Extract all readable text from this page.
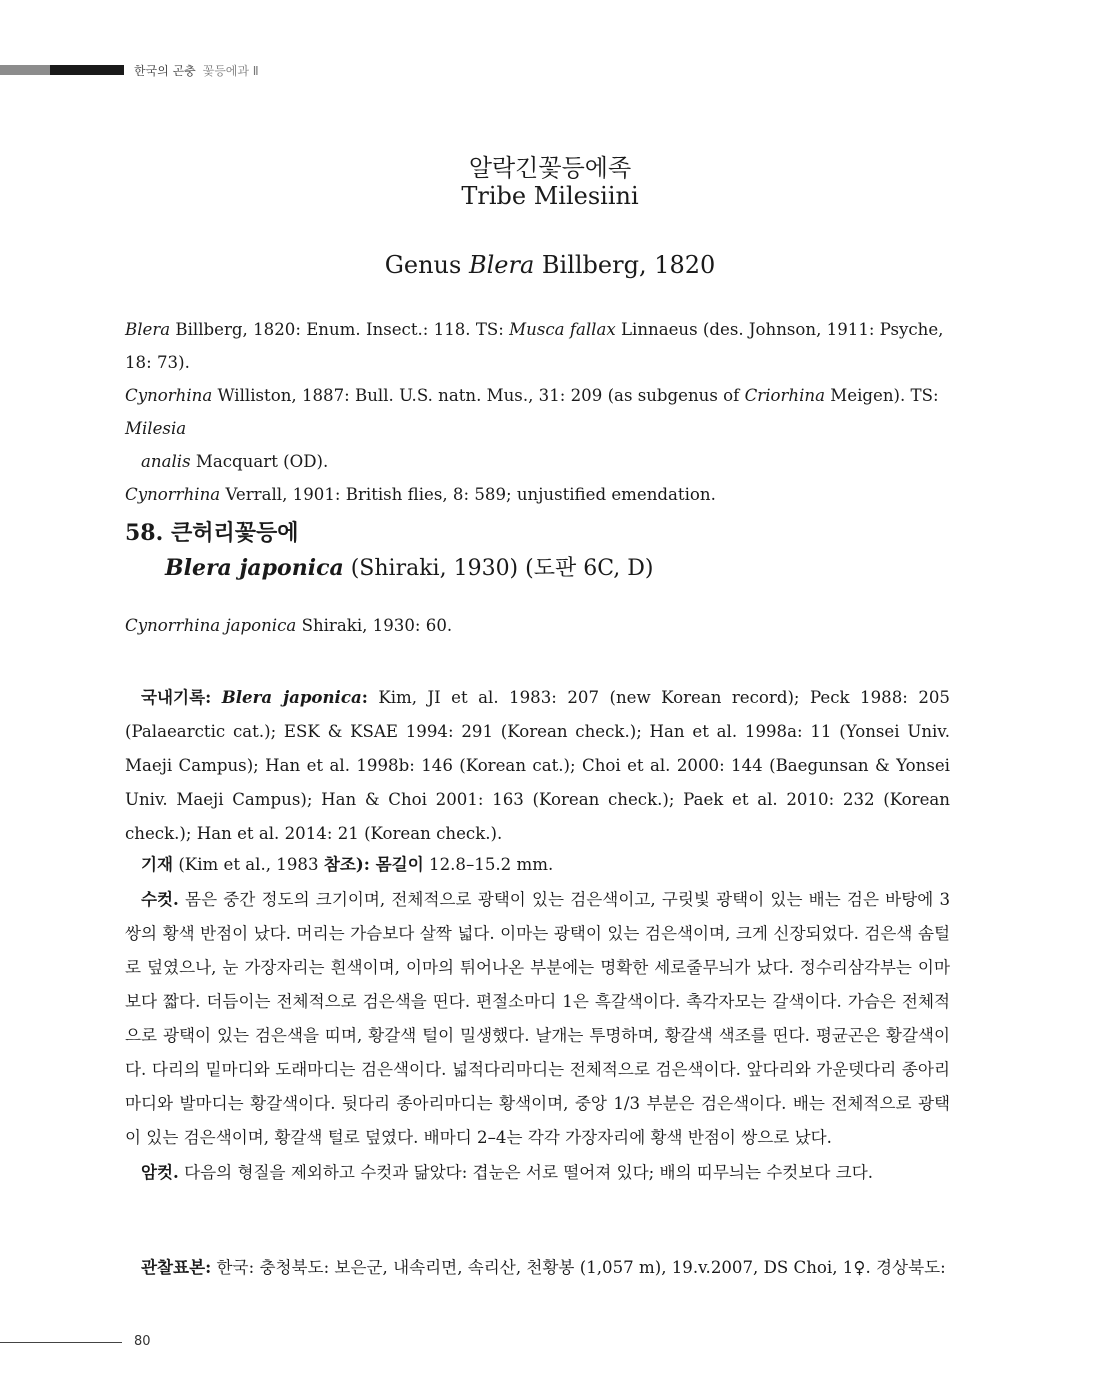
한국의 곤충 꽃등에과 Ⅱ
알락긴꽃등에족
Tribe Milesiini
Genus Blera Billberg, 1820

Blera Billberg, 1820: Enum. Insect.: 118. TS: Musca fallax Linnaeus (des. Johnson, 1911: Psyche, 18: 73).

Cynorhina Williston, 1887: Bull. U.S. natn. Mus., 31: 209 (as subgenus of Criorhina Meigen). TS: Milesia

analis Macquart (OD).

Cynorrhina Verrall, 1901: British flies, 8: 589; unjustified emendation.

58. 큰허리꽃등에
Blera japonica (Shiraki, 1930) (도판 6C, D)
Cynorrhina japonica Shiraki, 1930: 60.

국내기록: Blera japonica: Kim, JI et al. 1983: 207 (new Korean record); Peck 1988: 205 (Palaearctic cat.); ESK & KSAE 1994: 291 (Korean check.); Han et al. 1998a: 11 (Yonsei Univ. Maeji Campus); Han et al. 1998b: 146 (Korean cat.); Choi et al. 2000: 144 (Baegunsan & Yonsei Univ. Maeji Campus); Han & Choi 2001: 163 (Korean check.); Paek et al. 2010: 232 (Korean check.); Han et al. 2014: 21 (Korean check.).

기재 (Kim et al., 1983 참조): 몸길이 12.8–15.2 mm.

수컷. 몸은 중간 정도의 크기이며, 전체적으로 광택이 있는 검은색이고, 구릿빛 광택이 있는 배는 검은 바탕에 3쌍의 황색 반점이 났다. 머리는 가슴보다 살짝 넓다. 이마는 광택이 있는 검은색이며, 크게 신장되었다. 검은색 솜털로 덮였으나, 눈 가장자리는 흰색이며, 이마의 튀어나온 부분에는 명확한 세로줄무늬가 났다. 정수리삼각부는 이마보다 짧다. 더듬이는 전체적으로 검은색을 띤다. 편절소마디 1은 흑갈색이다. 촉각자모는 갈색이다. 가슴은 전체적으로 광택이 있는 검은색을 띠며, 황갈색 털이 밀생했다. 날개는 투명하며, 황갈색 색조를 띤다. 평균곤은 황갈색이다. 다리의 밑마디와 도래마디는 검은색이다. 넓적다리마디는 전체적으로 검은색이다. 앞다리와 가운뎃다리 종아리마디와 발마디는 황갈색이다. 뒷다리 종아리마디는 황색이며, 중앙 1/3 부분은 검은색이다. 배는 전체적으로 광택이 있는 검은색이며, 황갈색 털로 덮였다. 배마디 2–4는 각각 가장자리에 황색 반점이 쌍으로 났다.

암컷. 다음의 형질을 제외하고 수컷과 닮았다: 겹눈은 서로 떨어져 있다; 배의 띠무늬는 수컷보다 크다.

관찰표본: 한국: 충청북도: 보은군, 내속리면, 속리산, 천황봉 (1,057 m), 19.v.2007, DS Choi, 1♀. 경상북도:

80
